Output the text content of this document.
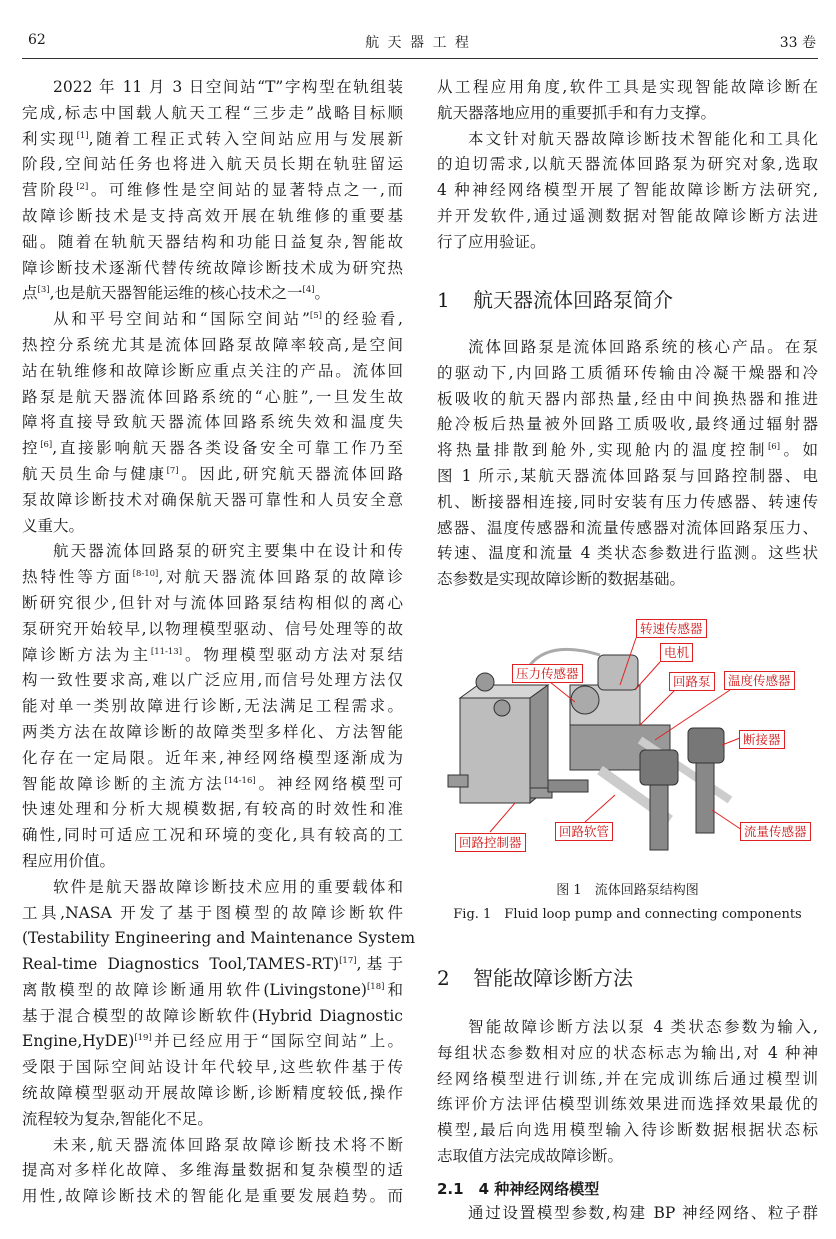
62	航 天 器 工 程	33 卷
2022 年 11 月 3 日空间站“T”字构型在轨组装
完成,标志中国载人航天工程“三步走”战略目标顺
利实现[1],随着工程正式转入空间站应用与发展新
阶段,空间站任务也将进入航天员长期在轨驻留运
营阶段[2]。可维修性是空间站的显著特点之一,而
故障诊断技术是支持高效开展在轨维修的重要基
础。随着在轨航天器结构和功能日益复杂,智能故
障诊断技术逐渐代替传统故障诊断技术成为研究热
点[3],也是航天器智能运维的核心技术之一[4]。
从和平号空间站和“国际空间站”[5]的经验看,
热控分系统尤其是流体回路泵故障率较高,是空间
站在轨维修和故障诊断应重点关注的产品。流体回
路泵是航天器流体回路系统的“心脏”,一旦发生故
障将直接导致航天器流体回路系统失效和温度失
控[6],直接影响航天器各类设备安全可靠工作乃至
航天员生命与健康[7]。因此,研究航天器流体回路
泵故障诊断技术对确保航天器可靠性和人员安全意
义重大。
航天器流体回路泵的研究主要集中在设计和传
热特性等方面[8-10],对航天器流体回路泵的故障诊
断研究很少,但针对与流体回路泵结构相似的离心
泵研究开始较早,以物理模型驱动、信号处理等的故
障诊断方法为主[11-13]。物理模型驱动方法对泵结
构一致性要求高,难以广泛应用,而信号处理方法仅
能对单一类别故障进行诊断,无法满足工程需求。
两类方法在故障诊断的故障类型多样化、方法智能
化存在一定局限。近年来,神经网络模型逐渐成为
智能故障诊断的主流方法[14-16]。神经网络模型可
快速处理和分析大规模数据,有较高的时效性和准
确性,同时可适应工况和环境的变化,具有较高的工
程应用价值。
软件是航天器故障诊断技术应用的重要载体和
工具,NASA 开发了基于图模型的故障诊断软件
(Testability Engineering and Maintenance System
Real-time Diagnostics Tool,TAMES-RT)[17],基于
离散模型的故障诊断通用软件(Livingstone)[18]和
基于混合模型的故障诊断软件(Hybrid Diagnostic
Engine,HyDE)[19]并已经应用于“国际空间站”上。
受限于国际空间站设计年代较早,这些软件基于传
统故障模型驱动开展故障诊断,诊断精度较低,操作
流程较为复杂,智能化不足。
未来,航天器流体回路泵故障诊断技术将不断
提高对多样化故障、多维海量数据和复杂模型的适
用性,故障诊断技术的智能化是重要发展趋势。而
从工程应用角度,软件工具是实现智能故障诊断在
航天器落地应用的重要抓手和有力支撑。
本文针对航天器故障诊断技术智能化和工具化
的迫切需求,以航天器流体回路泵为研究对象,选取
4 种神经网络模型开展了智能故障诊断方法研究,
并开发软件,通过遥测数据对智能故障诊断方法进
行了应用验证。
1 航天器流体回路泵简介
流体回路泵是流体回路系统的核心产品。在泵
的驱动下,内回路工质循环传输由冷凝干燥器和冷
板吸收的航天器内部热量,经由中间换热器和推进
舱冷板后热量被外回路工质吸收,最终通过辐射器
将热量排散到舱外,实现舱内的温度控制[6]。如
图 1 所示,某航天器流体回路泵与回路控制器、电
机、断接器相连接,同时安装有压力传感器、转速传
感器、温度传感器和流量传感器对流体回路泵压力、
转速、温度和流量 4 类状态参数进行监测。这些状
态参数是实现故障诊断的数据基础。
转速传感器
电机
压力传感器
回路泵	温度传感器
断接器
回路控制器
回路软管	流量传感器
图 1　流体回路泵结构图
Fig. 1　Fluid loop pump and connecting components
2 智能故障诊断方法
智能故障诊断方法以泵 4 类状态参数为输入,
每组状态参数相对应的状态标志为输出,对 4 种神
经网络模型进行训练,并在完成训练后通过模型训
练评价方法评估模型训练效果进而选择效果最优的
模型,最后向选用模型输入待诊断数据根据状态标
志取值方法完成故障诊断。
2.1　4 种神经网络模型
通过设置模型参数,构建 BP 神经网络、粒子群
